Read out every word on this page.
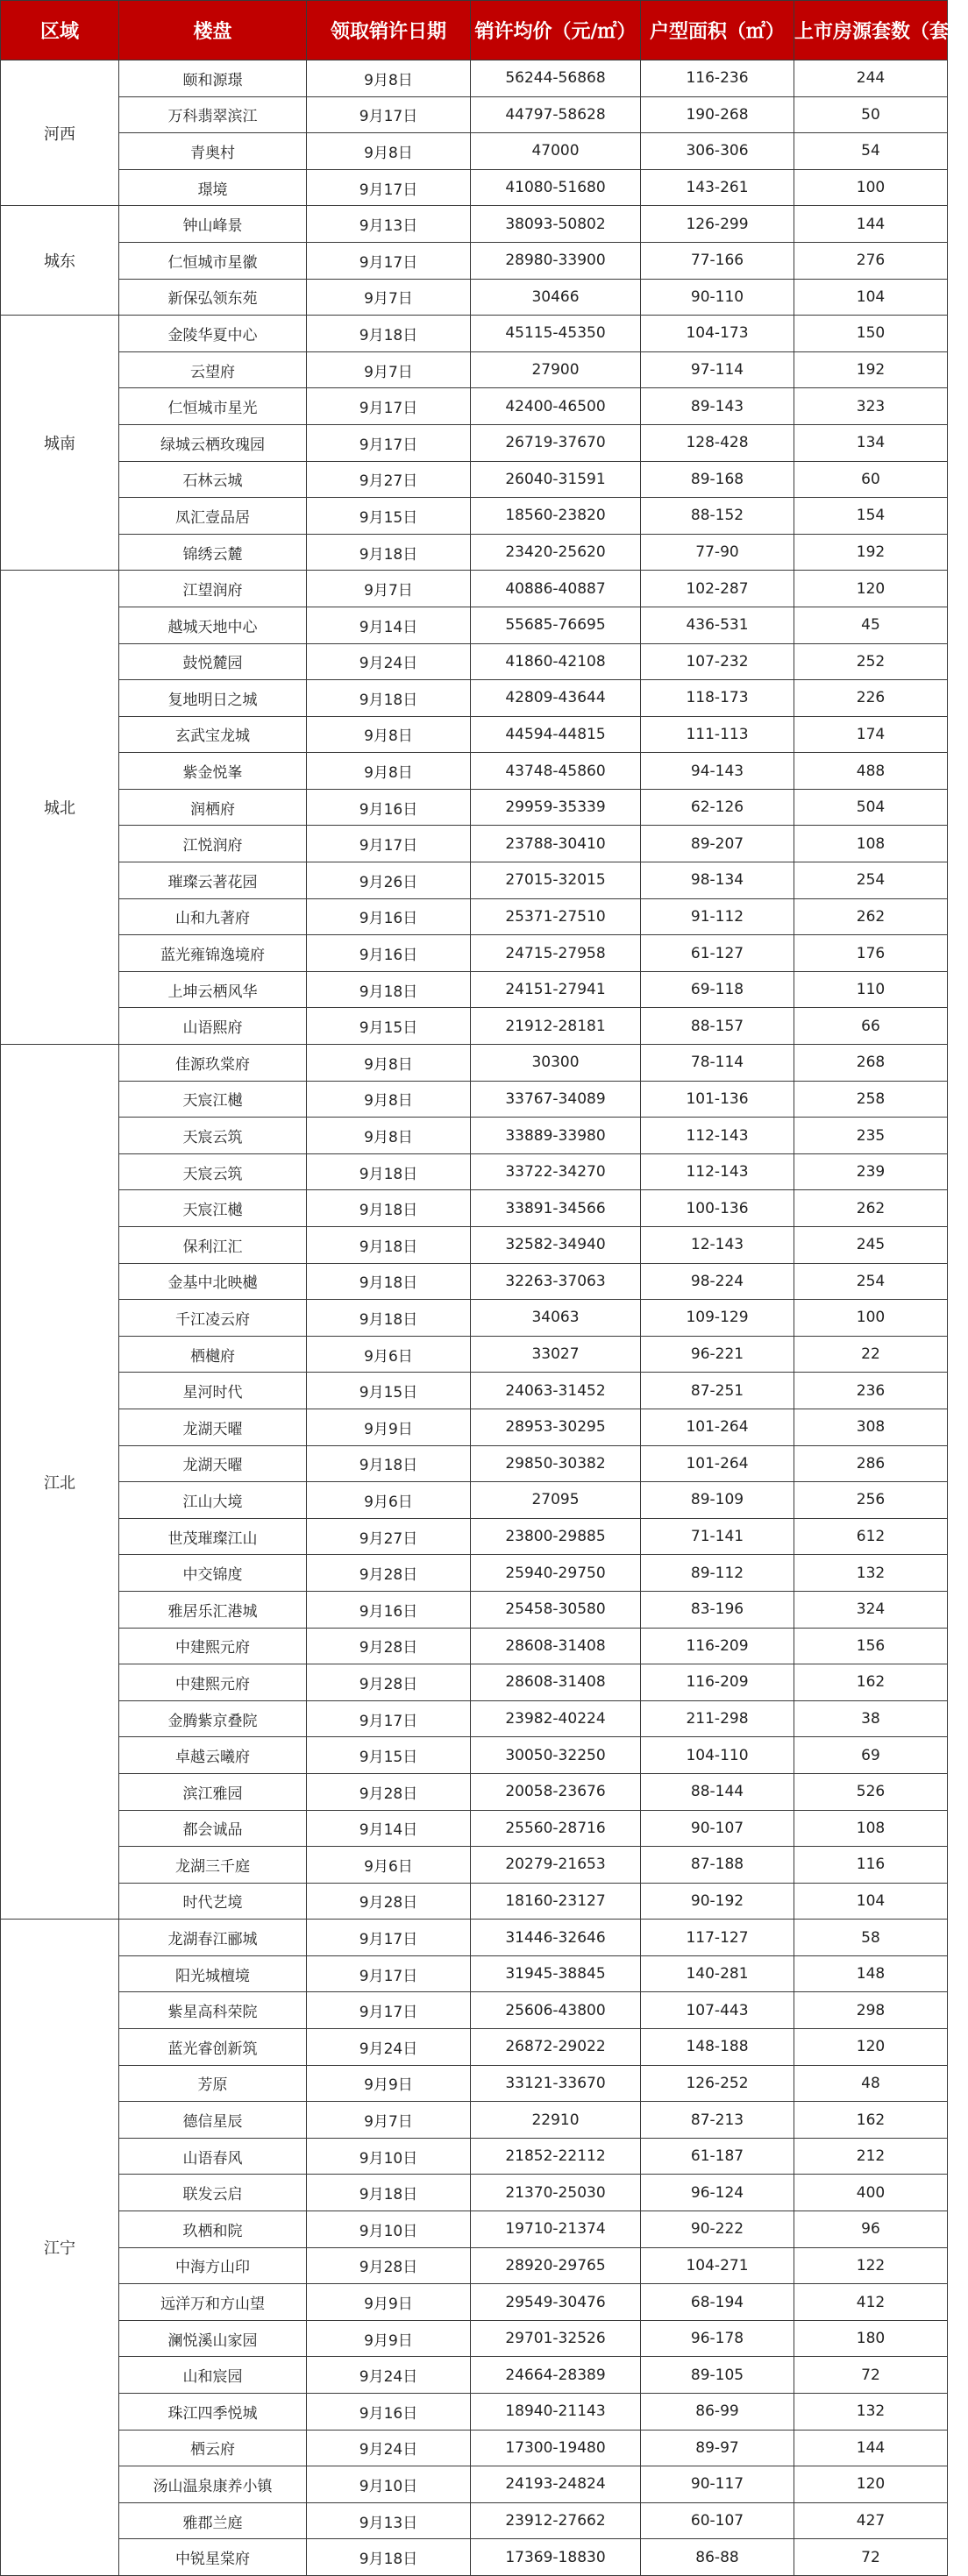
区域	楼盘	领取销许日期	销许均价（元/㎡）	户型面积（㎡）	上市房源套数（套）
河西	颐和源璟	9月8日	56244-56868	116-236	244
	万科翡翠滨江	9月17日	44797-58628	190-268	50
	青奥村	9月8日	47000	306-306	54
	璟境	9月17日	41080-51680	143-261	100
城东	钟山峰景	9月13日	38093-50802	126-299	144
	仁恒城市星徽	9月17日	28980-33900	77-166	276
	新保弘领东苑	9月7日	30466	90-110	104
城南	金陵华夏中心	9月18日	45115-45350	104-173	150
	云望府	9月7日	27900	97-114	192
	仁恒城市星光	9月17日	42400-46500	89-143	323
	绿城云栖玫瑰园	9月17日	26719-37670	128-428	134
	石林云城	9月27日	26040-31591	89-168	60
	凤汇壹品居	9月15日	18560-23820	88-152	154
	锦绣云麓	9月18日	23420-25620	77-90	192
城北	江望润府	9月7日	40886-40887	102-287	120
	越城天地中心	9月14日	55685-76695	436-531	45
	鼓悦麓园	9月24日	41860-42108	107-232	252
	复地明日之城	9月18日	42809-43644	118-173	226
	玄武宝龙城	9月8日	44594-44815	111-113	174
	紫金悦峯	9月8日	43748-45860	94-143	488
	润栖府	9月16日	29959-35339	62-126	504
	江悦润府	9月17日	23788-30410	89-207	108
	璀璨云著花园	9月26日	27015-32015	98-134	254
	山和九著府	9月16日	25371-27510	91-112	262
	蓝光雍锦逸境府	9月16日	24715-27958	61-127	176
	上坤云栖风华	9月18日	24151-27941	69-118	110
	山语熙府	9月15日	21912-28181	88-157	66
江北	佳源玖棠府	9月8日	30300	78-114	268
	天宸江樾	9月8日	33767-34089	101-136	258
	天宸云筑	9月8日	33889-33980	112-143	235
	天宸云筑	9月18日	33722-34270	112-143	239
	天宸江樾	9月18日	33891-34566	100-136	262
	保利江汇	9月18日	32582-34940	12-143	245
	金基中北映樾	9月18日	32263-37063	98-224	254
	千江凌云府	9月18日	34063	109-129	100
	栖樾府	9月6日	33027	96-221	22
	星河时代	9月15日	24063-31452	87-251	236
	龙湖天曜	9月9日	28953-30295	101-264	308
	龙湖天曜	9月18日	29850-30382	101-264	286
	江山大境	9月6日	27095	89-109	256
	世茂璀璨江山	9月27日	23800-29885	71-141	612
	中交锦度	9月28日	25940-29750	89-112	132
	雅居乐汇港城	9月16日	25458-30580	83-196	324
	中建熙元府	9月28日	28608-31408	116-209	156
	中建熙元府	9月28日	28608-31408	116-209	162
	金腾紫京叠院	9月17日	23982-40224	211-298	38
	卓越云曦府	9月15日	30050-32250	104-110	69
	滨江雅园	9月28日	20058-23676	88-144	526
	都会诚品	9月14日	25560-28716	90-107	108
	龙湖三千庭	9月6日	20279-21653	87-188	116
	时代艺境	9月28日	18160-23127	90-192	104
江宁	龙湖春江郦城	9月17日	31446-32646	117-127	58
	阳光城檀境	9月17日	31945-38845	140-281	148
	紫星高科荣院	9月17日	25606-43800	107-443	298
	蓝光睿创新筑	9月24日	26872-29022	148-188	120
	芳原	9月9日	33121-33670	126-252	48
	德信星辰	9月7日	22910	87-213	162
	山语春风	9月10日	21852-22112	61-187	212
	联发云启	9月18日	21370-25030	96-124	400
	玖栖和院	9月10日	19710-21374	90-222	96
	中海方山印	9月28日	28920-29765	104-271	122
	远洋万和方山望	9月9日	29549-30476	68-194	412
	澜悦溪山家园	9月9日	29701-32526	96-178	180
	山和宸园	9月24日	24664-28389	89-105	72
	珠江四季悦城	9月16日	18940-21143	86-99	132
	栖云府	9月24日	17300-19480	89-97	144
	汤山温泉康养小镇	9月10日	24193-24824	90-117	120
	雅郡兰庭	9月13日	23912-27662	60-107	427
	中锐星棠府	9月18日	17369-18830	86-88	72
